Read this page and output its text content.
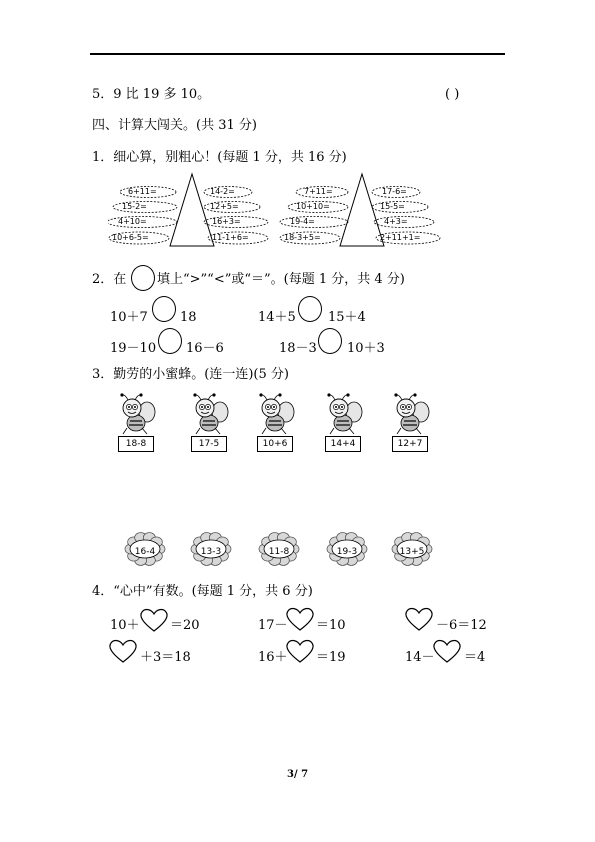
5．9 比 19 多 10。	( )
四、计算大闯关。(共 31 分)
1．细心算，别粗心！(每题 1 分，共 16 分)
6+11=
15-2=
4+10=
10+6-5=
14-2=
12+5=
16+3=
11-1+6=
7+11=
10+10=
19-4=
18-3+5=
17-6=
15-5=
4+3=
2+11+1=
2．在 填上“>”“<”或“＝”。(每题 1 分，共 4 分)
10＋7 18	14＋5 15＋4
19－10 16－6	18－3 10＋3
3．勤劳的小蜜蜂。(连一连)(5 分)
18-8	17-5	10+6	14+4	12+7
16-4	13-3	11-8	19-3	13+5
4．“心中”有数。(每题 1 分，共 6 分)
10＋ ＝20	17－ ＝10	－6＝12
＋3＝18	16＋ ＝19	14－ ＝4
3/ 7
